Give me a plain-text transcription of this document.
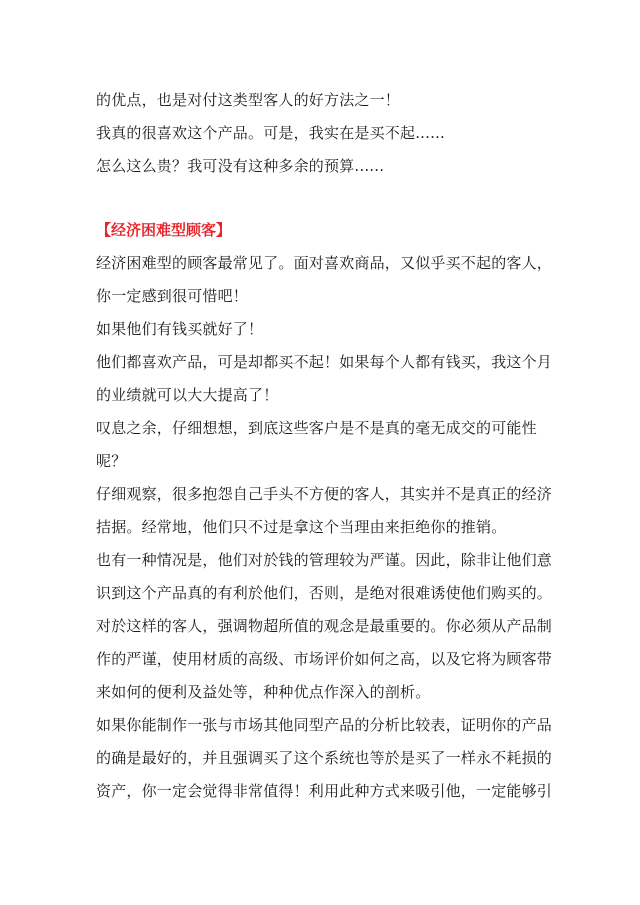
的优点，也是对付这类型客人的好方法之一！
我真的很喜欢这个产品。可是，我实在是买不起......
怎么这么贵？我可没有这种多余的预算......
【经济困难型顾客】
经济困难型的顾客最常见了。面对喜欢商品，又似乎买不起的客人，
你一定感到很可惜吧！
如果他们有钱买就好了！
他们都喜欢产品，可是却都买不起！如果每个人都有钱买，我这个月
的业绩就可以大大提高了！
叹息之余，仔细想想，到底这些客户是不是真的毫无成交的可能性
呢？
仔细观察，很多抱怨自己手头不方便的客人，其实并不是真正的经济
拮据。经常地，他们只不过是拿这个当理由来拒绝你的推销。
也有一种情况是，他们对於钱的管理较为严谨。因此，除非让他们意
识到这个产品真的有利於他们，否则，是绝对很难诱使他们购买的。
对於这样的客人，强调物超所值的观念是最重要的。你必须从产品制
作的严谨，使用材质的高级、市场评价如何之高，以及它将为顾客带
来如何的便利及益处等，种种优点作深入的剖析。
如果你能制作一张与市场其他同型产品的分析比较表，证明你的产品
的确是最好的，并且强调买了这个系统也等於是买了一样永不耗损的
资产，你一定会觉得非常值得！利用此种方式来吸引他，一定能够引
